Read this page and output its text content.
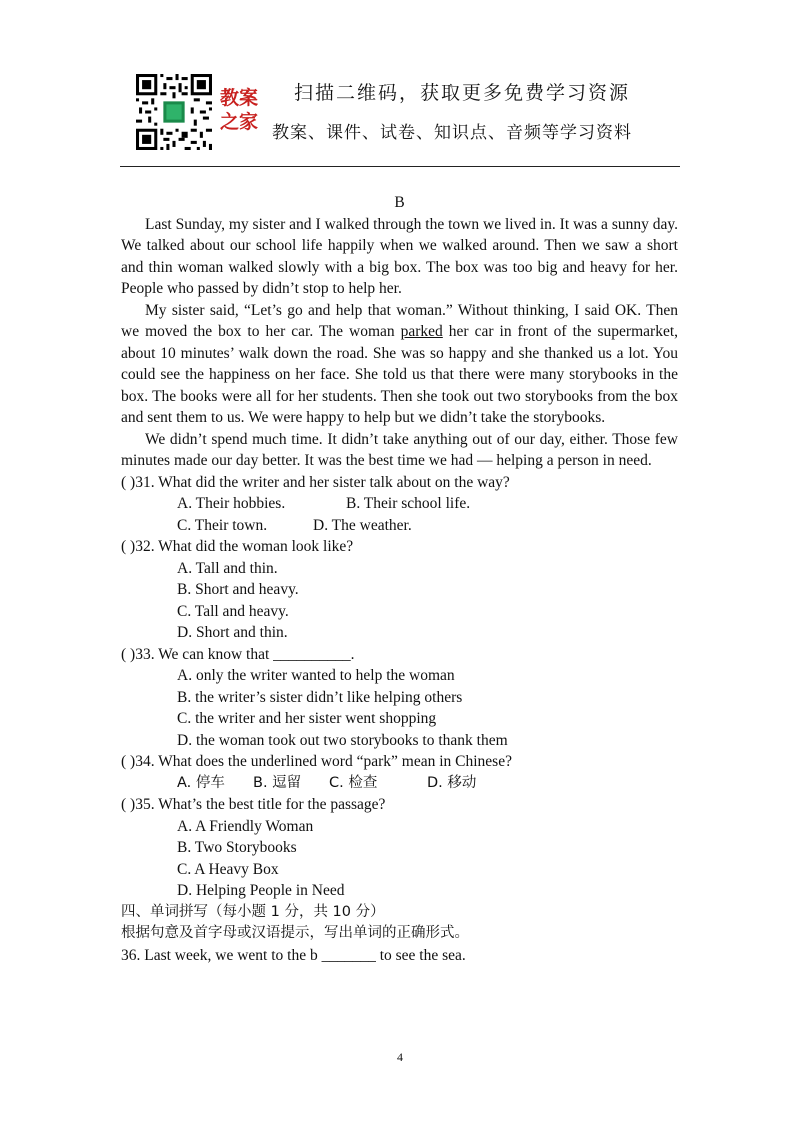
教案
之家
扫描二维码，获取更多免费学习资源
教案、课件、试卷、知识点、音频等学习资料
B

Last Sunday, my sister and I walked through the town we lived in. It was a sunny day. We talked about our school life happily when we walked around. Then we saw a short and thin woman walked slowly with a big box. The box was too big and heavy for her. People who passed by didn’t stop to help her.

My sister said, “Let’s go and help that woman.” Without thinking, I said OK. Then we moved the box to her car. The woman parked her car in front of the supermarket, about 10 minutes’ walk down the road. She was so happy and she thanked us a lot. You could see the happiness on her face. She told us that there were many storybooks in the box. The books were all for her students. Then she took out two storybooks from the box and sent them to us. We were happy to help but we didn’t take the storybooks.

We didn’t spend much time. It didn’t take anything out of our day, either. Those few minutes made our day better. It was the best time we had — helping a person in need.

( )31. What did the writer and her sister talk about on the way?

A. Their hobbies.	B. Their school life.

C. Their town.	D. The weather.

( )32. What did the woman look like?

A. Tall and thin.

B. Short and heavy.

C. Tall and heavy.

D. Short and thin.

( )33. We can know that __________.

A. only the writer wanted to help the woman

B. the writer’s sister didn’t like helping others

C. the writer and her sister went shopping

D. the woman took out two storybooks to thank them

( )34. What does the underlined word “park” mean in Chinese?

A. 停车 B. 逗留 C. 检查	D. 移动

( )35. What’s the best title for the passage?

A. A Friendly Woman

B. Two Storybooks

C. A Heavy Box

D. Helping People in Need

四、单词拼写（每小题 1 分，共 10 分）

根据句意及首字母或汉语提示，写出单词的正确形式。

36. Last week, we went to the b _______ to see the sea.

4
